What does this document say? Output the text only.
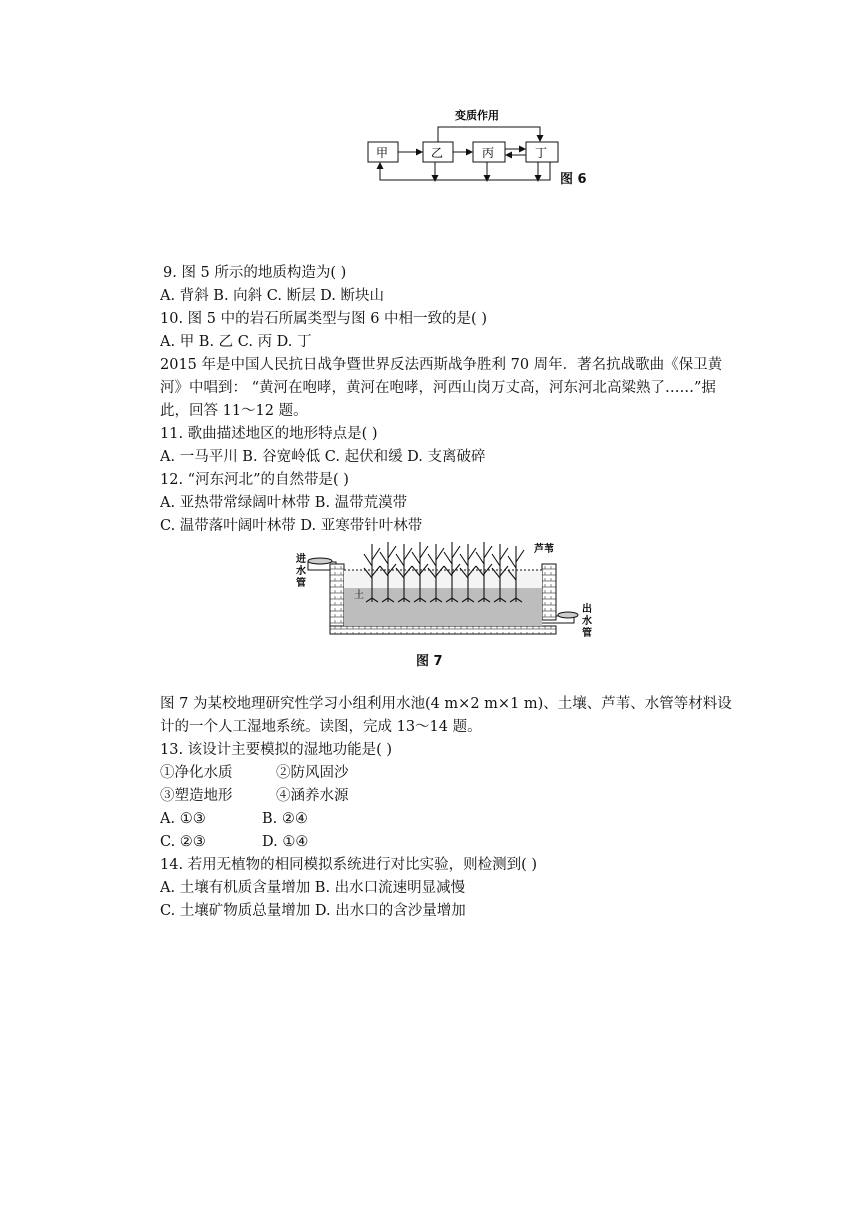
变质作用
甲	乙	丙	丁
图 6
9. 图 5 所示的地质构造为( )
A. 背斜 B. 向斜 C. 断层 D. 断块山
10. 图 5 中的岩石所属类型与图 6 中相一致的是( )
A. 甲 B. 乙 C. 丙 D. 丁
2015 年是中国人民抗日战争暨世界反法西斯战争胜利 70 周年．著名抗战歌曲《保卫黄
河》中唱到： “黄河在咆哮，黄河在咆哮，河西山岗万丈高，河东河北高粱熟了……”据
此，回答 11～12 题。
11. 歌曲描述地区的地形特点是( )
A. 一马平川 B. 谷宽岭低 C. 起伏和缓 D. 支离破碎
12. “河东河北”的自然带是( )
A. 亚热带常绿阔叶林带 B. 温带荒漠带
C. 温带落叶阔叶林带 D. 亚寒带针叶林带
进
水
管
出
水
管
芦苇
土
图 7
图 7 为某校地理研究性学习小组利用水池(4 m×2 m×1 m)、土壤、芦苇、水管等材料设
计的一个人工湿地系统。读图，完成 13～14 题。
13. 该设计主要模拟的湿地功能是( )
①净化水质	②防风固沙
③塑造地形	④涵养水源
A. ①③	B. ②④
C. ②③	D. ①④
14. 若用无植物的相同模拟系统进行对比实验，则检测到( )
A. 土壤有机质含量增加 B. 出水口流速明显减慢
C. 土壤矿物质总量增加 D. 出水口的含沙量增加
